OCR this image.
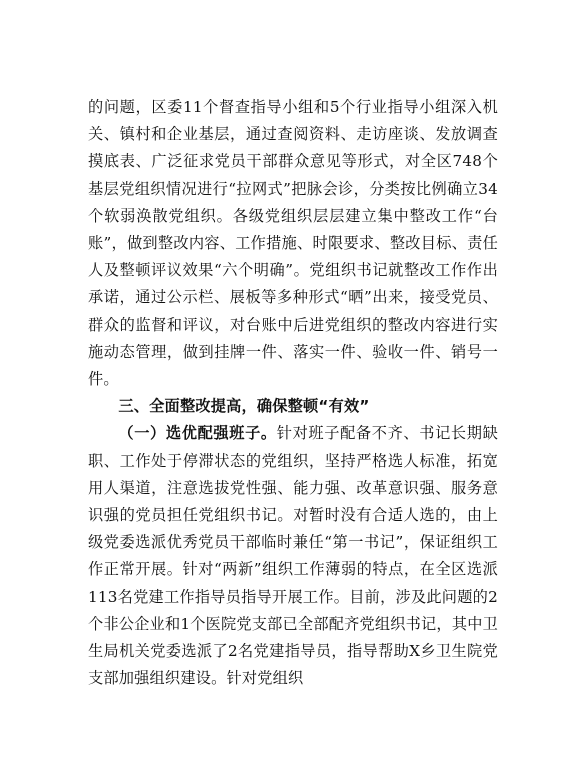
的问题，区委11个督查指导小组和5个行业指导小组深入机关、镇村和企业基层，通过查阅资料、走访座谈、发放调查摸底表、广泛征求党员干部群众意见等形式，对全区748个基层党组织情况进行“拉网式”把脉会诊，分类按比例确立34个软弱涣散党组织。各级党组织层层建立集中整改工作“台账”，做到整改内容、工作措施、时限要求、整改目标、责任人及整顿评议效果“六个明确”。党组织书记就整改工作作出承诺，通过公示栏、展板等多种形式“晒”出来，接受党员、群众的监督和评议，对台账中后进党组织的整改内容进行实施动态管理，做到挂牌一件、落实一件、验收一件、销号一件。

三、全面整改提高，确保整顿“有效”

（一）选优配强班子。针对班子配备不齐、书记长期缺职、工作处于停滞状态的党组织，坚持严格选人标准，拓宽用人渠道，注意选拔党性强、能力强、改革意识强、服务意识强的党员担任党组织书记。对暂时没有合适人选的，由上级党委选派优秀党员干部临时兼任“第一书记”，保证组织工作正常开展。针对“两新”组织工作薄弱的特点，在全区选派113名党建工作指导员指导开展工作。目前，涉及此问题的2个非公企业和1个医院党支部已全部配齐党组织书记，其中卫生局机关党委选派了2名党建指导员，指导帮助X乡卫生院党支部加强组织建设。针对党组织
